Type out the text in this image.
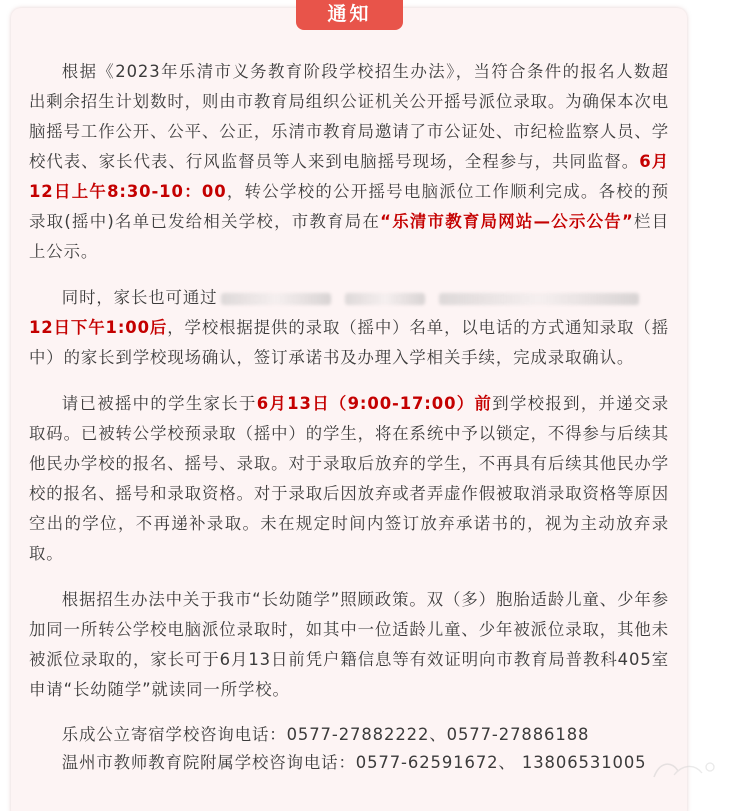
通知

根据《2023年乐清市义务教育阶段学校招生办法》，当符合条件的报名人数超出剩余招生计划数时，则由市教育局组织公证机关公开摇号派位录取。为确保本次电脑摇号工作公开、公平、公正，乐清市教育局邀请了市公证处、市纪检监察人员、学校代表、家长代表、行风监督员等人来到电脑摇号现场，全程参与，共同监督。6月12日上午8:30-10：00，转公学校的公开摇号电脑派位工作顺利完成。各校的预录取(摇中)名单已发给相关学校，市教育局在“乐清市教育局网站—公示公告”栏目上公示。

同时，家长也可通过
12日下午1:00后，学校根据提供的录取（摇中）名单，以电话的方式通知录取（摇中）的家长到学校现场确认，签订承诺书及办理入学相关手续，完成录取确认。

请已被摇中的学生家长于6月13日（9:00-17:00）前到学校报到，并递交录取码。已被转公学校预录取（摇中）的学生，将在系统中予以锁定，不得参与后续其他民办学校的报名、摇号、录取。对于录取后放弃的学生，不再具有后续其他民办学校的报名、摇号和录取资格。对于录取后因放弃或者弄虚作假被取消录取资格等原因空出的学位，不再递补录取。未在规定时间内签订放弃承诺书的，视为主动放弃录取。

根据招生办法中关于我市“长幼随学”照顾政策。双（多）胞胎适龄儿童、少年参加同一所转公学校电脑派位录取时，如其中一位适龄儿童、少年被派位录取，其他未被派位录取的，家长可于6月13日前凭户籍信息等有效证明向市教育局普教科405室申请“长幼随学”就读同一所学校。

乐成公立寄宿学校咨询电话：0577-27882222、0577-27886188

温州市教师教育院附属学校咨询电话：0577-62591672、 13806531005
